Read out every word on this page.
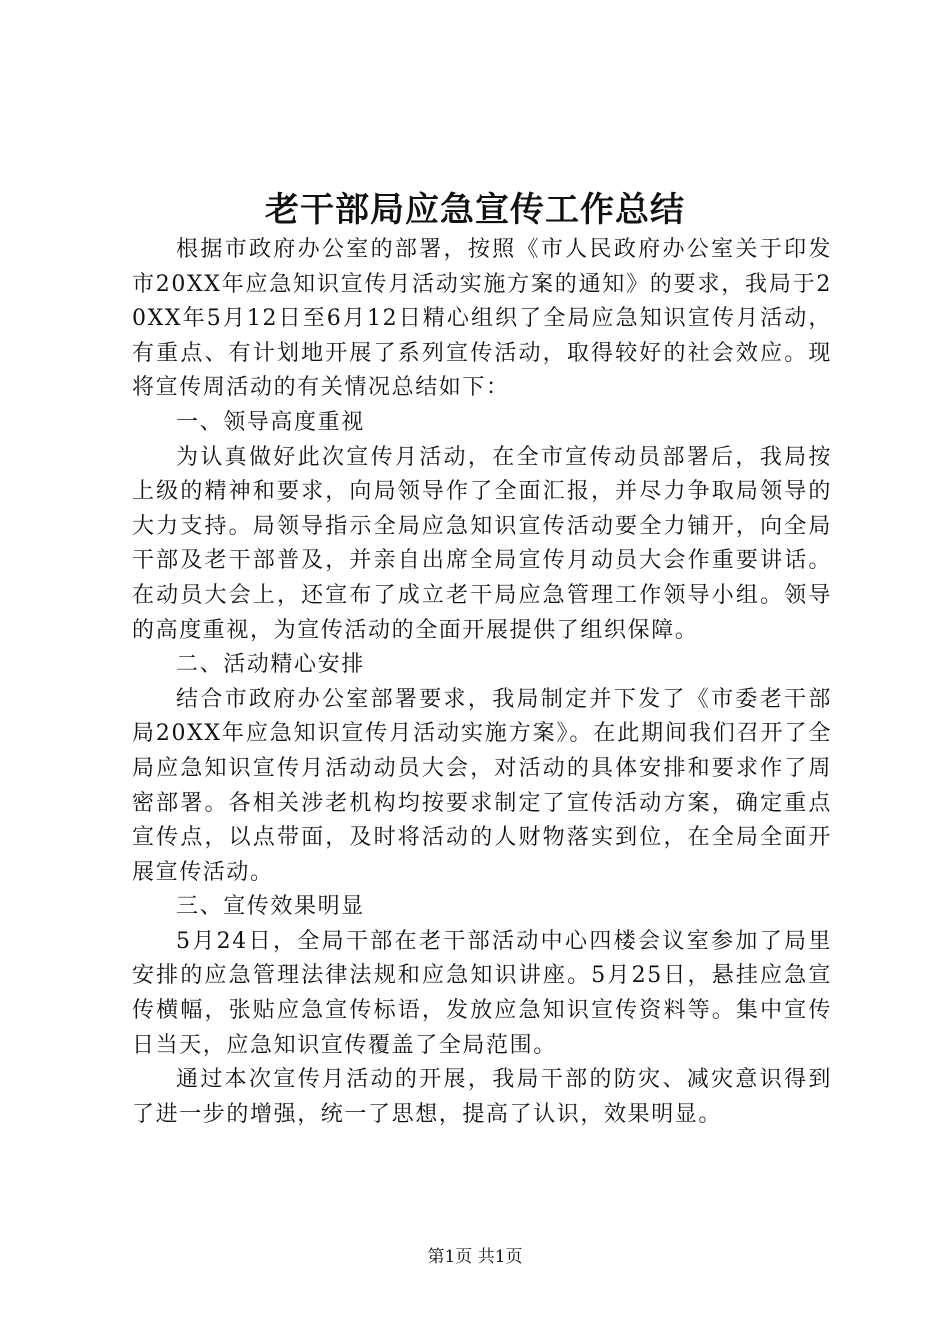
老干部局应急宣传工作总结

根据市政府办公室的部署，按照《市人民政府办公室关于印发市20XX年应急知识宣传月活动实施方案的通知》的要求，我局于20XX年5月12日至6月12日精心组织了全局应急知识宣传月活动，有重点、有计划地开展了系列宣传活动，取得较好的社会效应。现将宣传周活动的有关情况总结如下：

一、领导高度重视

为认真做好此次宣传月活动，在全市宣传动员部署后，我局按上级的精神和要求，向局领导作了全面汇报，并尽力争取局领导的大力支持。局领导指示全局应急知识宣传活动要全力铺开，向全局干部及老干部普及，并亲自出席全局宣传月动员大会作重要讲话。在动员大会上，还宣布了成立老干局应急管理工作领导小组。领导的高度重视，为宣传活动的全面开展提供了组织保障。

二、活动精心安排

结合市政府办公室部署要求，我局制定并下发了《市委老干部局20XX年应急知识宣传月活动实施方案》。在此期间我们召开了全局应急知识宣传月活动动员大会，对活动的具体安排和要求作了周密部署。各相关涉老机构均按要求制定了宣传活动方案，确定重点宣传点，以点带面，及时将活动的人财物落实到位，在全局全面开展宣传活动。

三、宣传效果明显

5月24日，全局干部在老干部活动中心四楼会议室参加了局里安排的应急管理法律法规和应急知识讲座。5月25日，悬挂应急宣传横幅，张贴应急宣传标语，发放应急知识宣传资料等。集中宣传日当天，应急知识宣传覆盖了全局范围。

通过本次宣传月活动的开展，我局干部的防灾、减灾意识得到了进一步的增强，统一了思想，提高了认识，效果明显。

第1页 共1页
